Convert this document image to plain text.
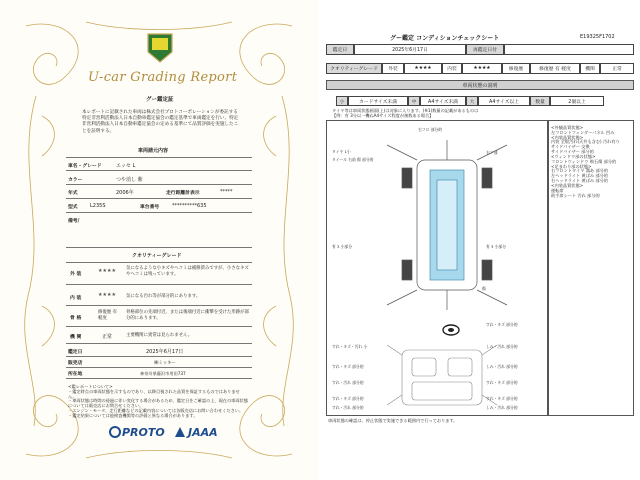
U-car Grading Report
グー鑑定証
本レポートに記載された車両は株式会社プロトコーポレーションが委託する特定非営利活動法人日本自動車鑑定協会の鑑定基準で車両鑑定を行い、特定非営利活動法人日本自動車鑑定協会の定める基準にて品質評価を実施したことを証明する。
車両請元内容
車名・グレード	エッセ L
カラー	つや消し 紫
年式	2006年	走行距離計表示	*****
型式 L235S	車台番号	**********635
備考/
クオリティーグレード
外 装
★★★★ 気になるような小キズやヘコミは補修済みですが、小さなキズやヘコミは残っています。
内 装
★★★★ 気になる汚れ等が部分的にあります。
骨 格
修復歴 有 軽度
骨格部位の先端付近、または後端付近に衝撃を受けた形跡が部分的にあります。
機 関	正常	主要機関に異常は見られません。
鑑定日	2025年6月17日
販売店	㈱ミッキー
所在地	神奈川県藤沢市用田737
<鑑レポートについて>
・鑑定時点の車両状態を示すものであり、以降目視された品質を保証するものではありません。
・車両状態は時間の経過に伴い変化する場合があるため、鑑定日をご確認の上、現在の車両状態については販売店にお問合せください。
・エンジン・モータ、走行距離などの記載内容については各販売店にお問い合わせください。
・鑑定結果については他検査機関等の評価と異なる場合があります。
PROTO JAAA
グー鑑定 コンディションチェックシート	E19325F1702
鑑定日	2025年6月17日	再鑑定日付
クオリティーグレード	外装	★★★★	内装	★★★★	修復歴	修復歴 有 軽度	機関	正常
車両状態の説明
小	カードサイズ未満	中	A4サイズ未満	大	A4サイズ以上	数量	2個以上
タイヤ等は車両状態画面(上)は対象に入ります。(※1)数量の記載があるものは
【例：有 3分以一機ねA4サイズ程度が複数ある場合】
<外観品質状態>
左フロントフェンダーパネル 凹み
<内装品質状態>
内装 全般汚れ(天井も含む) 汚れ有り
サイドバイザー 交換
サイドバイザー 部分的
<ウィンドウ部の状態>
フロントウィンドウ 飛石傷 部分的
<足まわり部の状態>
右フロントタイヤ 溝あ 部分的
左ヘッドライト 黄ばみ 部分的
右ヘッドライト 黄ばみ 部分的
<内装品質状態>
運転席
助手席シート 汚れ 部分的
右フロ 部分的
タイヤ 1小
タイール 右前 傷 部分的
右フ部
有 3 小部分	有 3 小部分
傷
すれ・キズ 部分的
すれ・キズ・汚れ 小	しみ・汚れ 部分的
すれ・キズ 部分的	しみ・汚れ 部分的
すれ・汚れ 部分的	すれ・キズ 部分的
すれ・キズ 部分的	すれ・キズ 部分的
しみ・汚れ 部分的
すれ・汚れ 部分的
車両状態の確認は、停止状態で実施できる範囲内で行っております。
